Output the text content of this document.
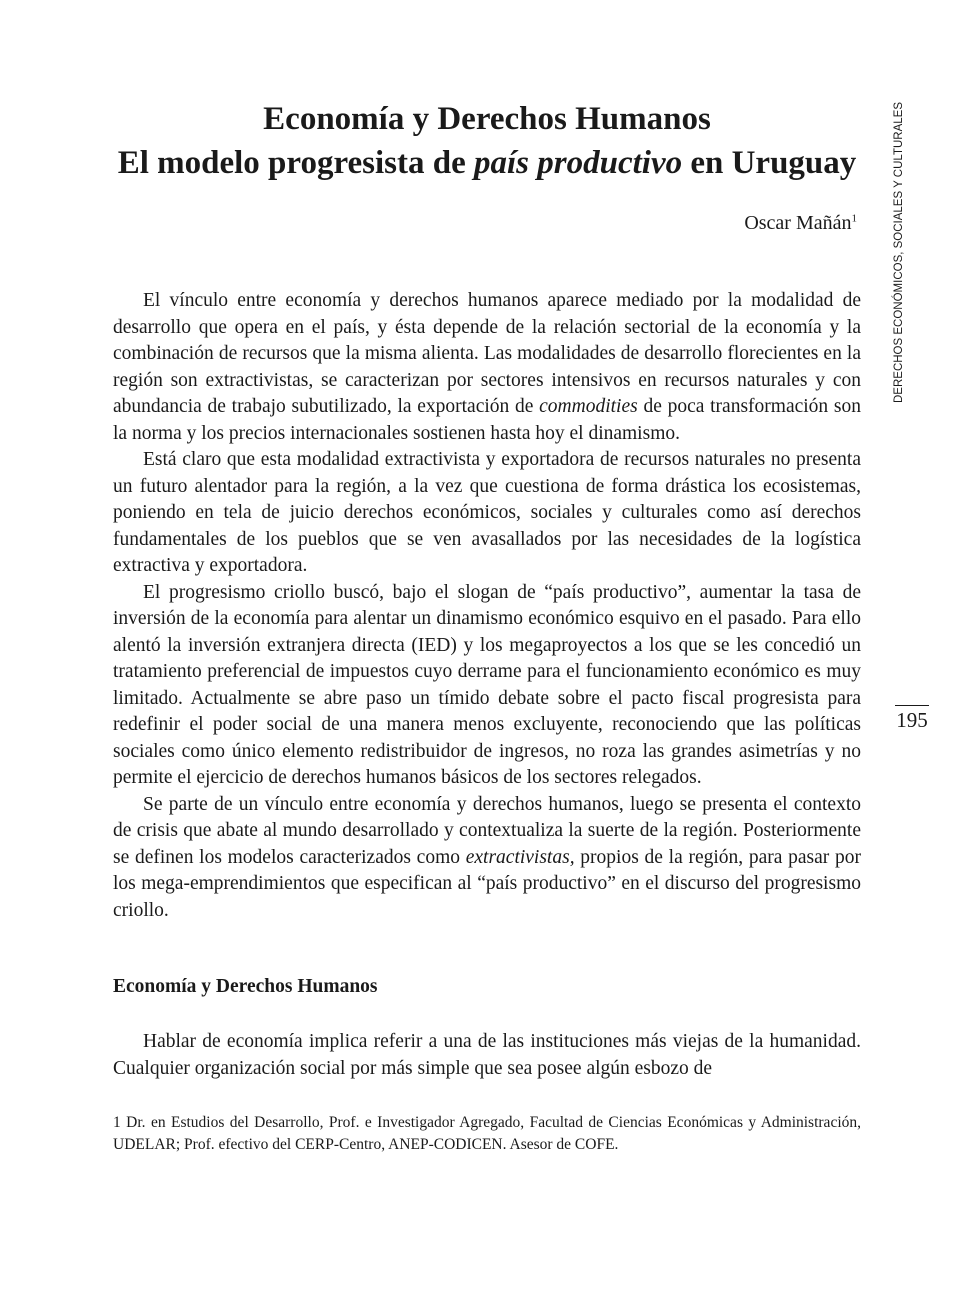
Economía y Derechos Humanos
El modelo progresista de país productivo en Uruguay
Oscar Mañán$^1$

El vínculo entre economía y derechos humanos aparece mediado por la modalidad de desarrollo que opera en el país, y ésta depende de la relación sectorial de la economía y la combinación de recursos que la misma alienta. Las modalidades de desarrollo florecientes en la región son extractivistas, se caracterizan por sectores intensivos en recursos naturales y con abundancia de trabajo subutilizado, la exportación de commodities de poca transformación son la norma y los precios internacionales sostienen hasta hoy el dinamismo.

Está claro que esta modalidad extractivista y exportadora de recursos naturales no presenta un futuro alentador para la región, a la vez que cuestiona de forma drástica los ecosistemas, poniendo en tela de juicio derechos económicos, sociales y culturales como así derechos fundamentales de los pueblos que se ven avasallados por las necesidades de la logística extractiva y exportadora.

El progresismo criollo buscó, bajo el slogan de “país productivo”, aumentar la tasa de inversión de la economía para alentar un dinamismo económico esquivo en el pasado. Para ello alentó la inversión extranjera directa (IED) y los megaproyectos a los que se les concedió un tratamiento preferencial de impuestos cuyo derrame para el funcionamiento económico es muy limitado. Actualmente se abre paso un tímido debate sobre el pacto fiscal progresista para redefinir el poder social de una manera menos excluyente, reconociendo que las políticas sociales como único elemento redistribuidor de ingresos, no roza las grandes asimetrías y no permite el ejercicio de derechos humanos básicos de los sectores relegados.

Se parte de un vínculo entre economía y derechos humanos, luego se presenta el contexto de crisis que abate al mundo desarrollado y contextualiza la suerte de la región. Posteriormente se definen los modelos caracterizados como extractivistas, propios de la región, para pasar por los mega-emprendimientos que especifican al “país productivo” en el discurso del progresismo criollo.

Economía y Derechos Humanos

Hablar de economía implica referir a una de las instituciones más viejas de la humanidad. Cualquier organización social por más simple que sea posee algún esbozo de

1 Dr. en Estudios del Desarrollo, Prof. e Investigador Agregado, Facultad de Ciencias Económicas y Administración, UDELAR; Prof. efectivo del CERP-Centro, ANEP-CODICEN. Asesor de COFE.

DERECHOS ECONÓMICOS, SOCIALES Y CULTURALES
195
